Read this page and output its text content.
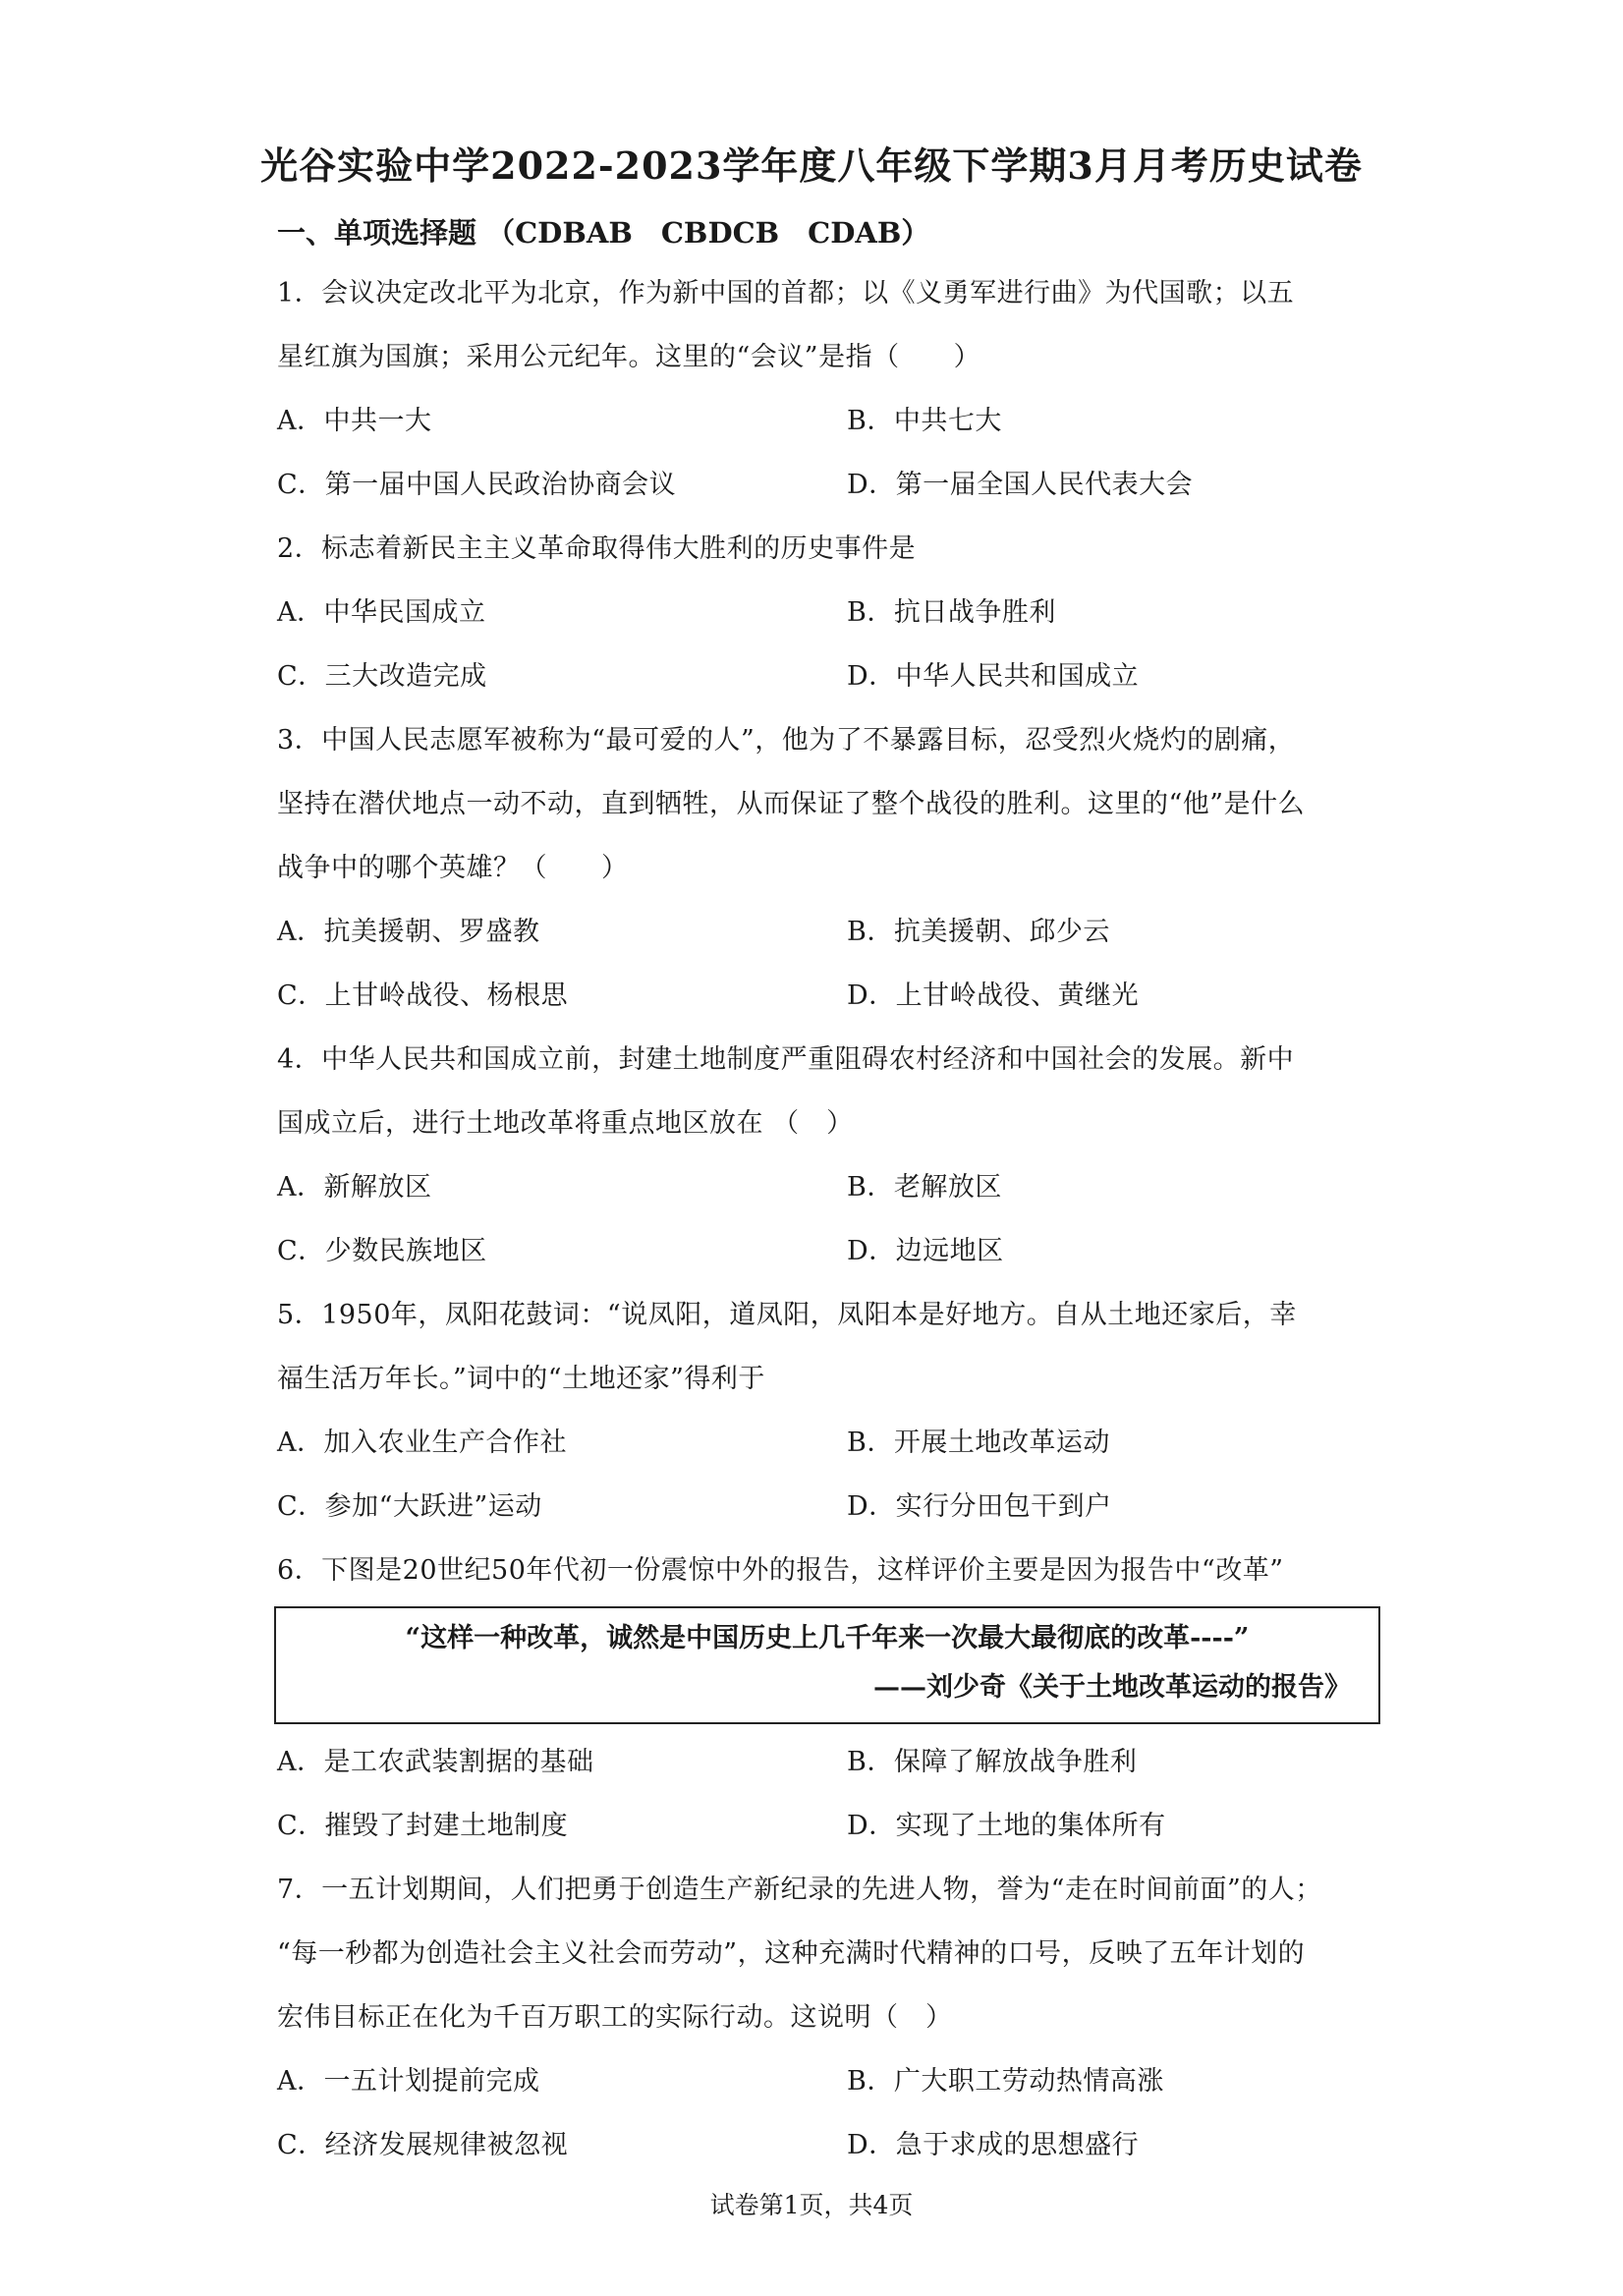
光谷实验中学2022-2023学年度八年级下学期3月月考历史试卷
一、单项选择题 （CDBAB　CBDCB　CDAB）

1．会议决定改北平为北京，作为新中国的首都；以《义勇军进行曲》为代国歌；以五

星红旗为国旗；采用公元纪年。这里的“会议”是指（　　）

A．中共一大	B．中共七大
C．第一届中国人民政治协商会议	D．第一届全国人民代表大会

2．标志着新民主主义革命取得伟大胜利的历史事件是

A．中华民国成立	B．抗日战争胜利
C．三大改造完成	D．中华人民共和国成立

3．中国人民志愿军被称为“最可爱的人”，他为了不暴露目标，忍受烈火烧灼的剧痛，

坚持在潜伏地点一动不动，直到牺牲，从而保证了整个战役的胜利。这里的“他”是什么

战争中的哪个英雄？（　　）

A．抗美援朝、罗盛教	B．抗美援朝、邱少云
C．上甘岭战役、杨根思	D．上甘岭战役、黄继光

4．中华人民共和国成立前，封建土地制度严重阻碍农村经济和中国社会的发展。新中

国成立后，进行土地改革将重点地区放在 （　）

A．新解放区	B．老解放区
C．少数民族地区	D．边远地区

5．1950年，凤阳花鼓词：“说凤阳，道凤阳，凤阳本是好地方。自从土地还家后，幸

福生活万年长。”词中的“土地还家”得利于

A．加入农业生产合作社	B．开展土地改革运动
C．参加“大跃进”运动	D．实行分田包干到户

6．下图是20世纪50年代初一份震惊中外的报告，这样评价主要是因为报告中“改革”

“这样一种改革，诚然是中国历史上几千年来一次最大最彻底的改革----”
——刘少奇《关于土地改革运动的报告》
A．是工农武装割据的基础	B．保障了解放战争胜利
C．摧毁了封建土地制度	D．实现了土地的集体所有

7．一五计划期间，人们把勇于创造生产新纪录的先进人物，誉为“走在时间前面”的人；

“每一秒都为创造社会主义社会而劳动”，这种充满时代精神的口号，反映了五年计划的

宏伟目标正在化为千百万职工的实际行动。这说明（　）

A．一五计划提前完成	B．广大职工劳动热情高涨
C．经济发展规律被忽视	D．急于求成的思想盛行
试卷第1页，共4页
